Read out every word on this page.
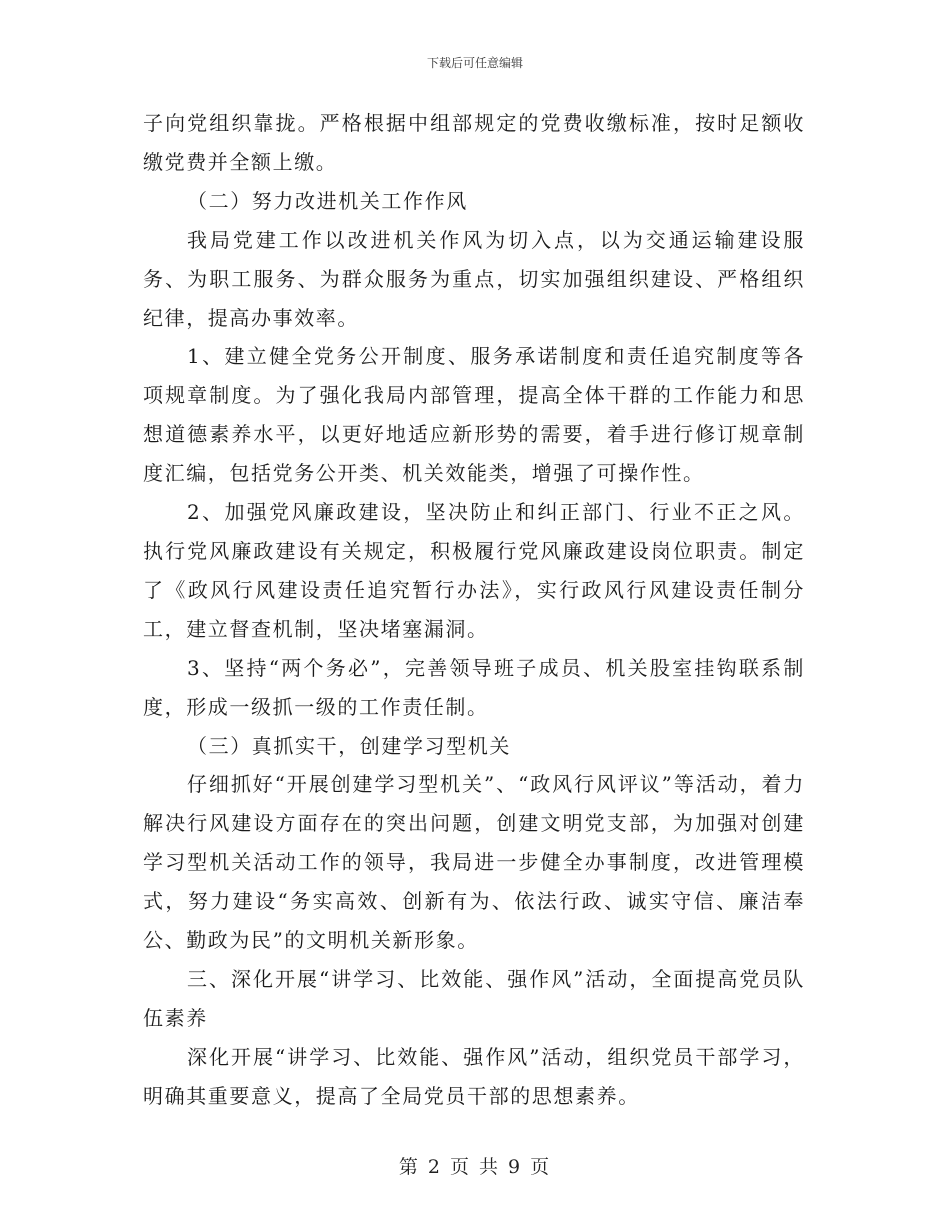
下载后可任意编辑

子向党组织靠拢。严格根据中组部规定的党费收缴标准，按时足额收缴党费并全额上缴。

（二）努力改进机关工作作风

我局党建工作以改进机关作风为切入点，以为交通运输建设服务、为职工服务、为群众服务为重点，切实加强组织建设、严格组织纪律，提高办事效率。

1、建立健全党务公开制度、服务承诺制度和责任追究制度等各项规章制度。为了强化我局内部管理，提高全体干群的工作能力和思想道德素养水平，以更好地适应新形势的需要，着手进行修订规章制度汇编，包括党务公开类、机关效能类，增强了可操作性。

2、加强党风廉政建设，坚决防止和纠正部门、行业不正之风。执行党风廉政建设有关规定，积极履行党风廉政建设岗位职责。制定了《政风行风建设责任追究暂行办法》，实行政风行风建设责任制分工，建立督查机制，坚决堵塞漏洞。

3、坚持“两个务必”，完善领导班子成员、机关股室挂钩联系制度，形成一级抓一级的工作责任制。

（三）真抓实干，创建学习型机关

仔细抓好“开展创建学习型机关”、“政风行风评议”等活动，着力解决行风建设方面存在的突出问题，创建文明党支部，为加强对创建学习型机关活动工作的领导，我局进一步健全办事制度，改进管理模式，努力建设“务实高效、创新有为、依法行政、诚实守信、廉洁奉公、勤政为民”的文明机关新形象。

三、深化开展“讲学习、比效能、强作风”活动，全面提高党员队伍素养

深化开展“讲学习、比效能、强作风”活动，组织党员干部学习，明确其重要意义，提高了全局党员干部的思想素养。

第 2 页 共 9 页
